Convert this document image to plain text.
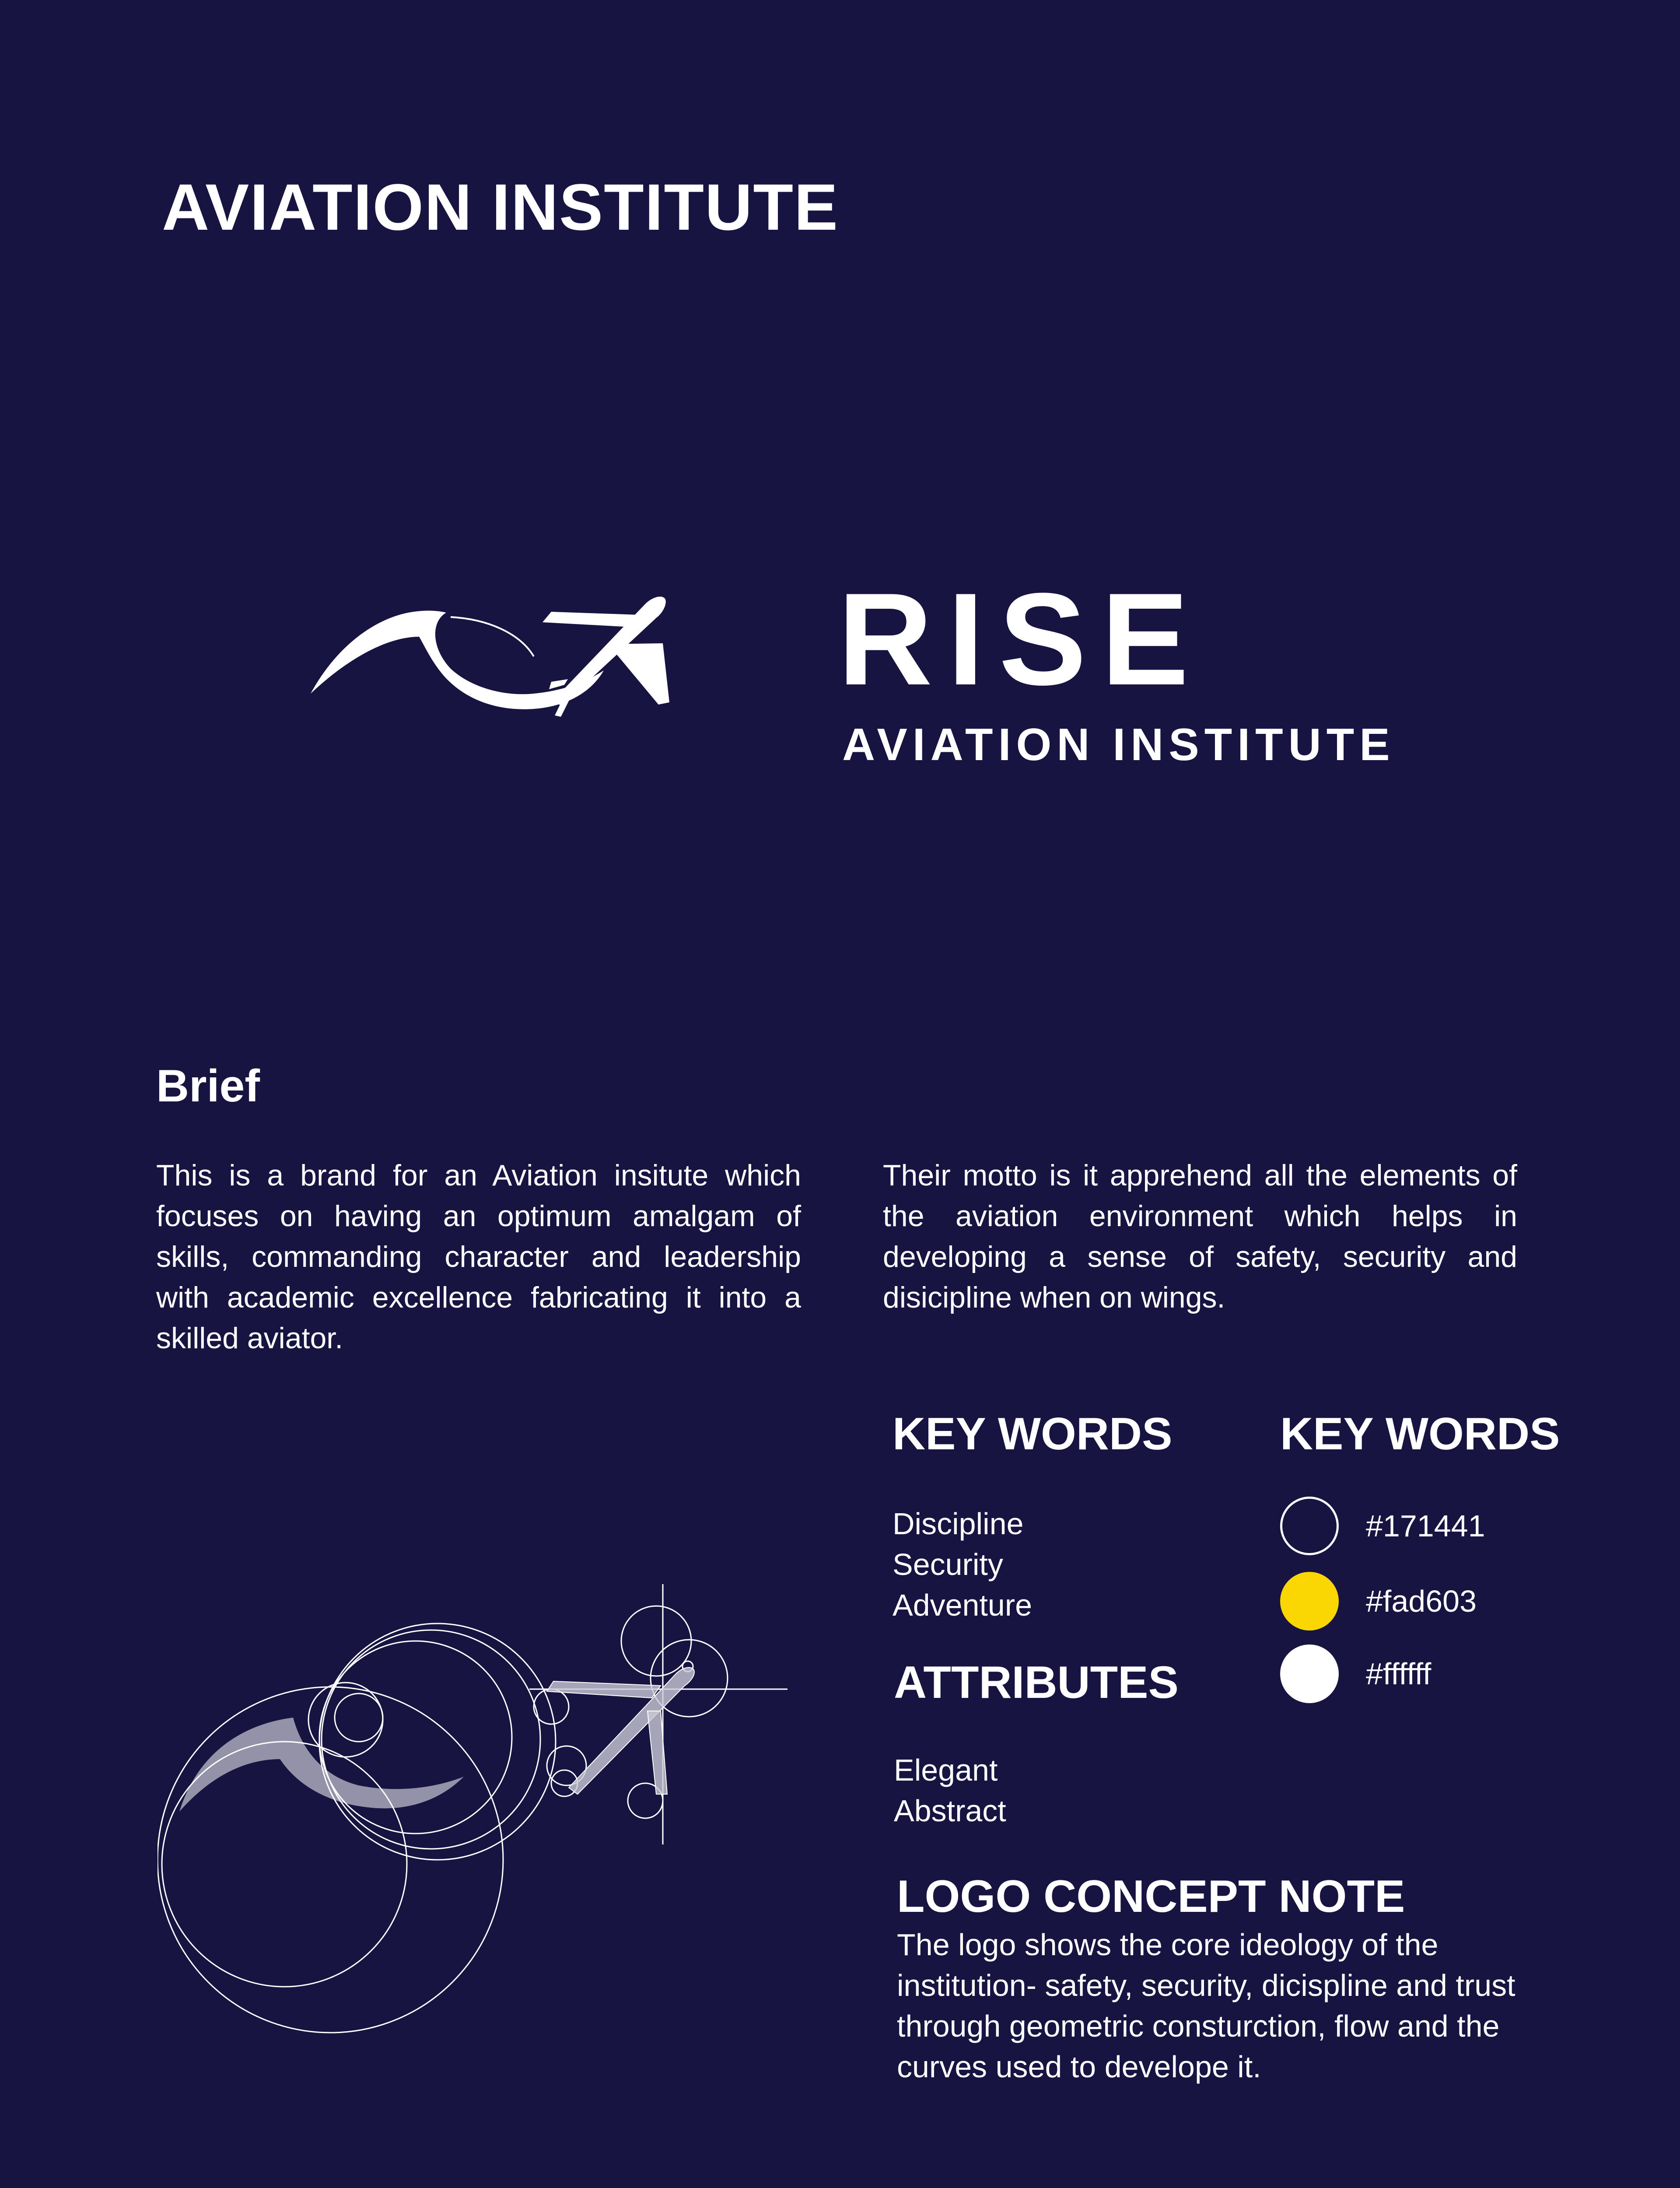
AVIATION INSTITUTE
RISE
AVIATION INSTITUTE
Brief

This is a brand for an Aviation insitute which focuses on having an optimum amalgam of skills, commanding character and leadership with academic excellence fabricating it into a skilled aviator.

Their motto is it apprehend all the elements of the aviation environment which helps in developing a sense of safety, security and disicipline when on wings.

KEY WORDS
Discipline
Security
Adventure
KEY WORDS
#171441
#fad603
#ffffff
ATTRIBUTES
Elegant
Abstract
LOGO CONCEPT NOTE

The logo shows the core ideology of the institution- safety, security, dicispline and trust through geometric consturction, flow and the curves used to develope it.
